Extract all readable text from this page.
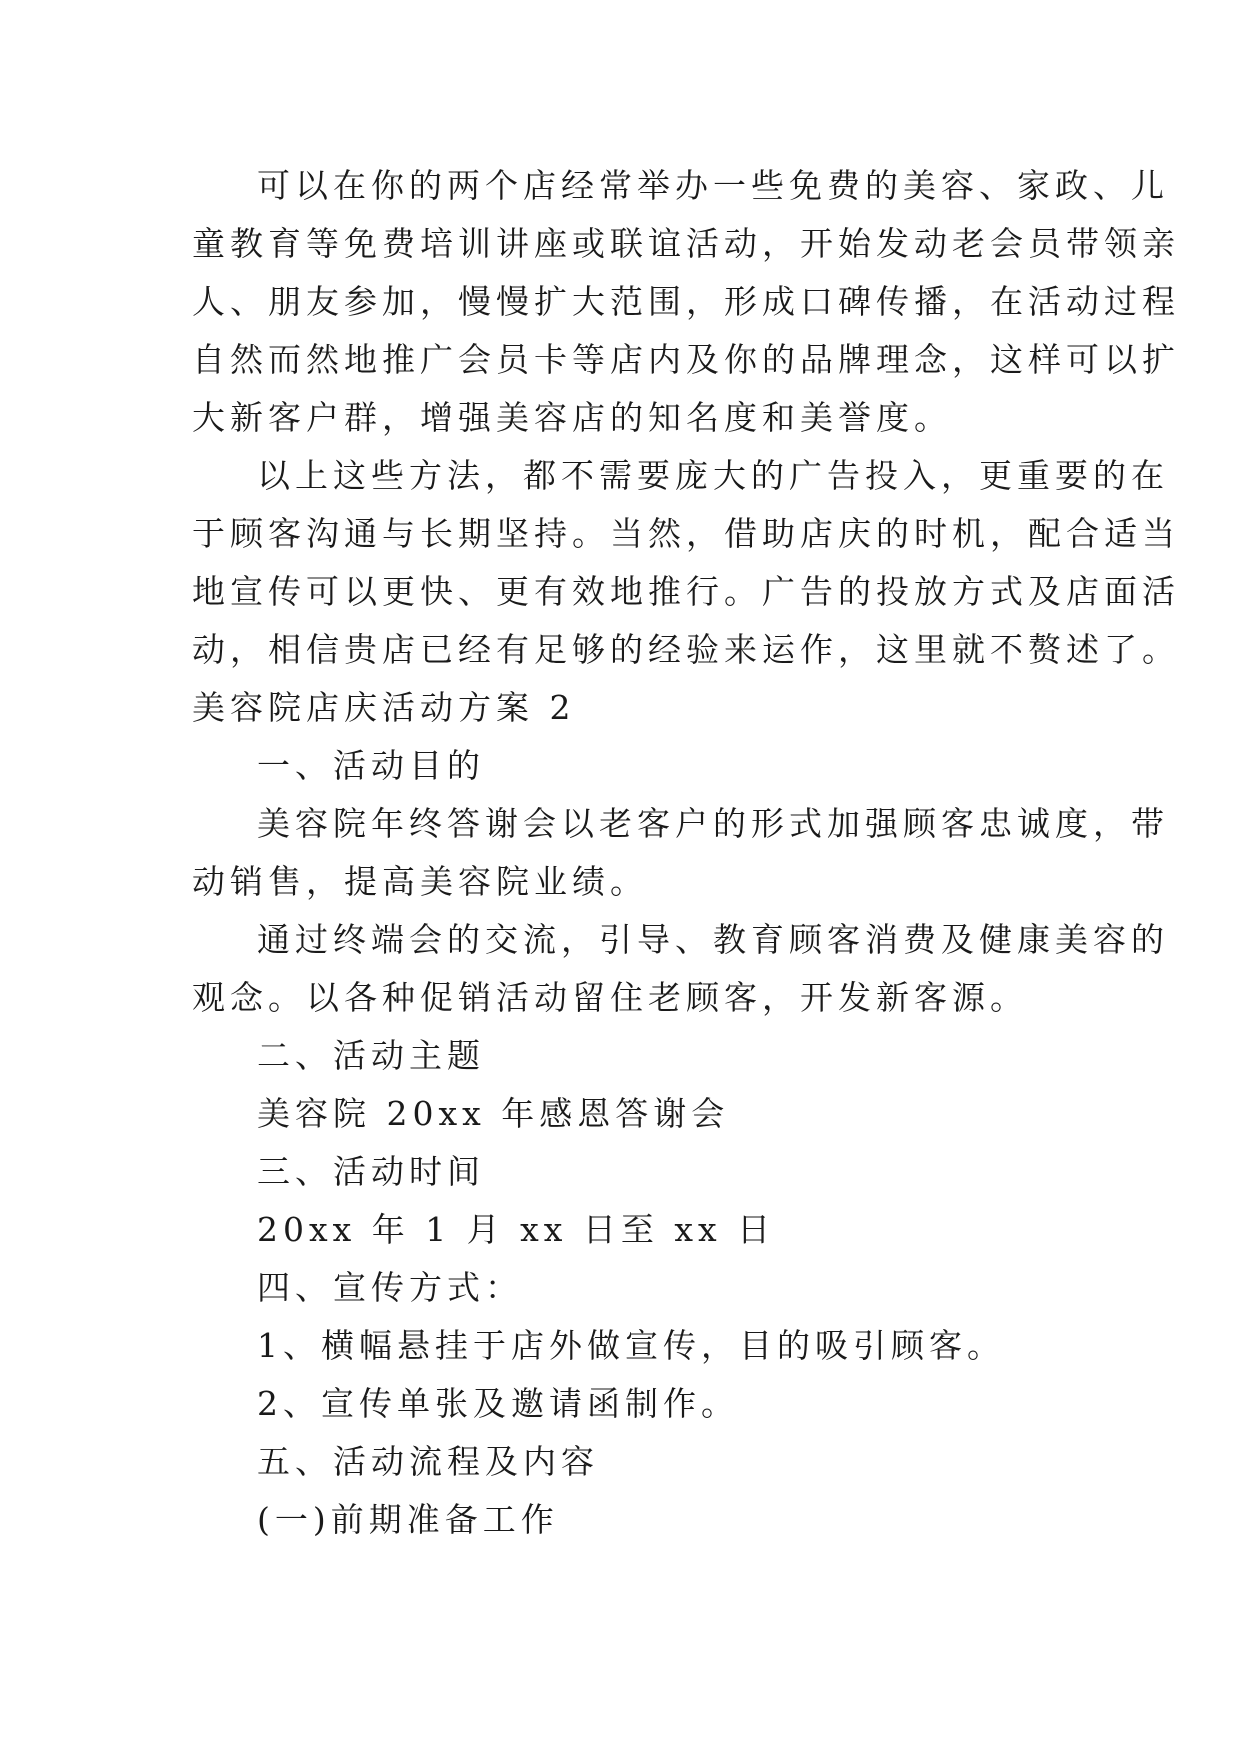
可以在你的两个店经常举办一些免费的美容、家政、儿
童教育等免费培训讲座或联谊活动，开始发动老会员带领亲
人、朋友参加，慢慢扩大范围，形成口碑传播，在活动过程
自然而然地推广会员卡等店内及你的品牌理念，这样可以扩
大新客户群，增强美容店的知名度和美誉度。
以上这些方法，都不需要庞大的广告投入，更重要的在
于顾客沟通与长期坚持。当然，借助店庆的时机，配合适当
地宣传可以更快、更有效地推行。广告的投放方式及店面活
动，相信贵店已经有足够的经验来运作，这里就不赘述了。
美容院店庆活动方案 2
一、活动目的
美容院年终答谢会以老客户的形式加强顾客忠诚度，带
动销售，提高美容院业绩。
通过终端会的交流，引导、教育顾客消费及健康美容的
观念。以各种促销活动留住老顾客，开发新客源。
二、活动主题
美容院 20xx 年感恩答谢会
三、活动时间
20xx 年 1 月 xx 日至 xx 日
四、宣传方式：
1、横幅悬挂于店外做宣传，目的吸引顾客。
2、宣传单张及邀请函制作。
五、活动流程及内容
(一)前期准备工作
